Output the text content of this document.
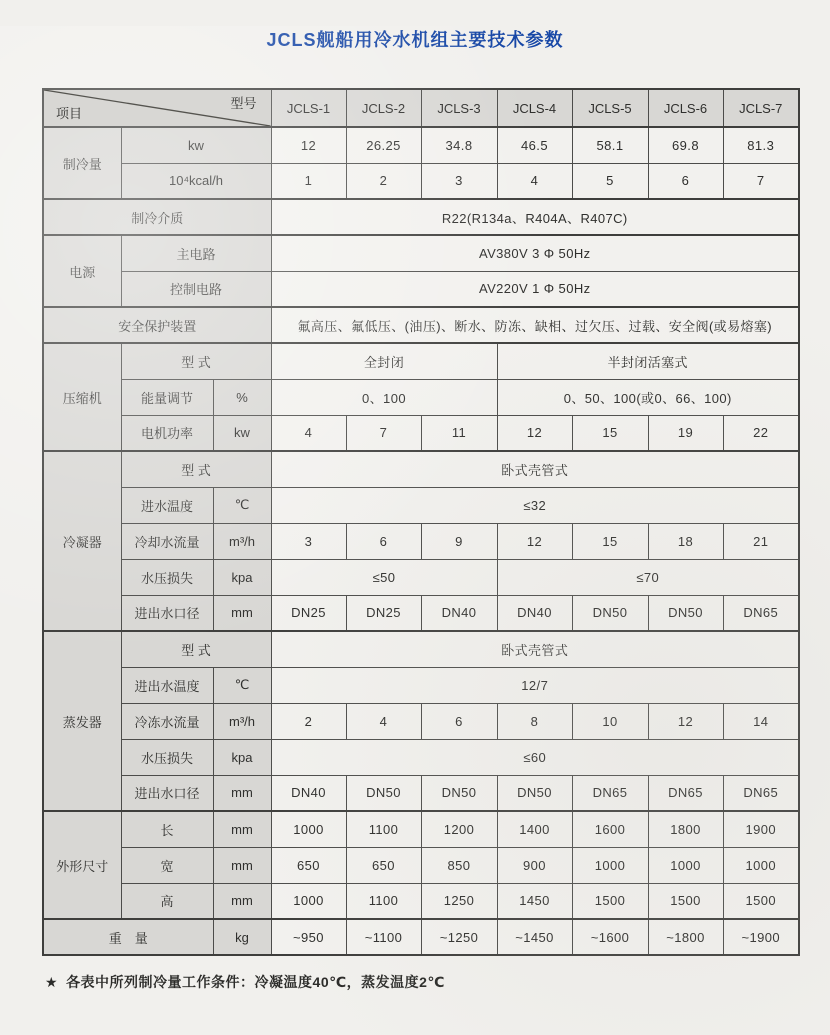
JCLS舰船用冷水机组主要技术参数
项目
型号			JCLS-1	JCLS-2	JCLS-3	JCLS-4	JCLS-5	JCLS-6	JCLS-7
制冷量	kw		12	26.25	34.8	46.5	58.1	69.8	81.3
	10⁴kcal/h		1	2	3	4	5	6	7
制冷介质			R22(R134a、R404A、R407C)						
电源	主电路		AV380V 3 Φ 50Hz						
	控制电路		AV220V 1 Φ 50Hz						
安全保护装置			氟高压、氟低压、(油压)、断水、防冻、缺相、过欠压、过载、安全阀(或易熔塞)						
压缩机	型 式		全封闭			半封闭活塞式			
	能量调节	%	0、100			0、50、100(或0、66、100)			
	电机功率	kw	4	7	11	12	15	19	22
冷凝器	型 式		卧式壳管式						
	进水温度	℃	≤32						
	冷却水流量	m³/h	3	6	9	12	15	18	21
	水压损失	kpa	≤50			≤70			
	进出水口径	mm	DN25	DN25	DN40	DN40	DN50	DN50	DN65
蒸发器	型 式		卧式壳管式						
	进出水温度	℃	12/7						
	冷冻水流量	m³/h	2	4	6	8	10	12	14
	水压损失	kpa	≤60						
	进出水口径	mm	DN40	DN50	DN50	DN50	DN65	DN65	DN65
外形尺寸	长	mm	1000	1100	1200	1400	1600	1800	1900
	宽	mm	650	650	850	900	1000	1000	1000
	高	mm	1000	1100	1250	1450	1500	1500	1500
重　量		kg	~950	~1100	~1250	~1450	~1600	~1800	~1900
★ 各表中所列制冷量工作条件：冷凝温度40℃，蒸发温度2℃
